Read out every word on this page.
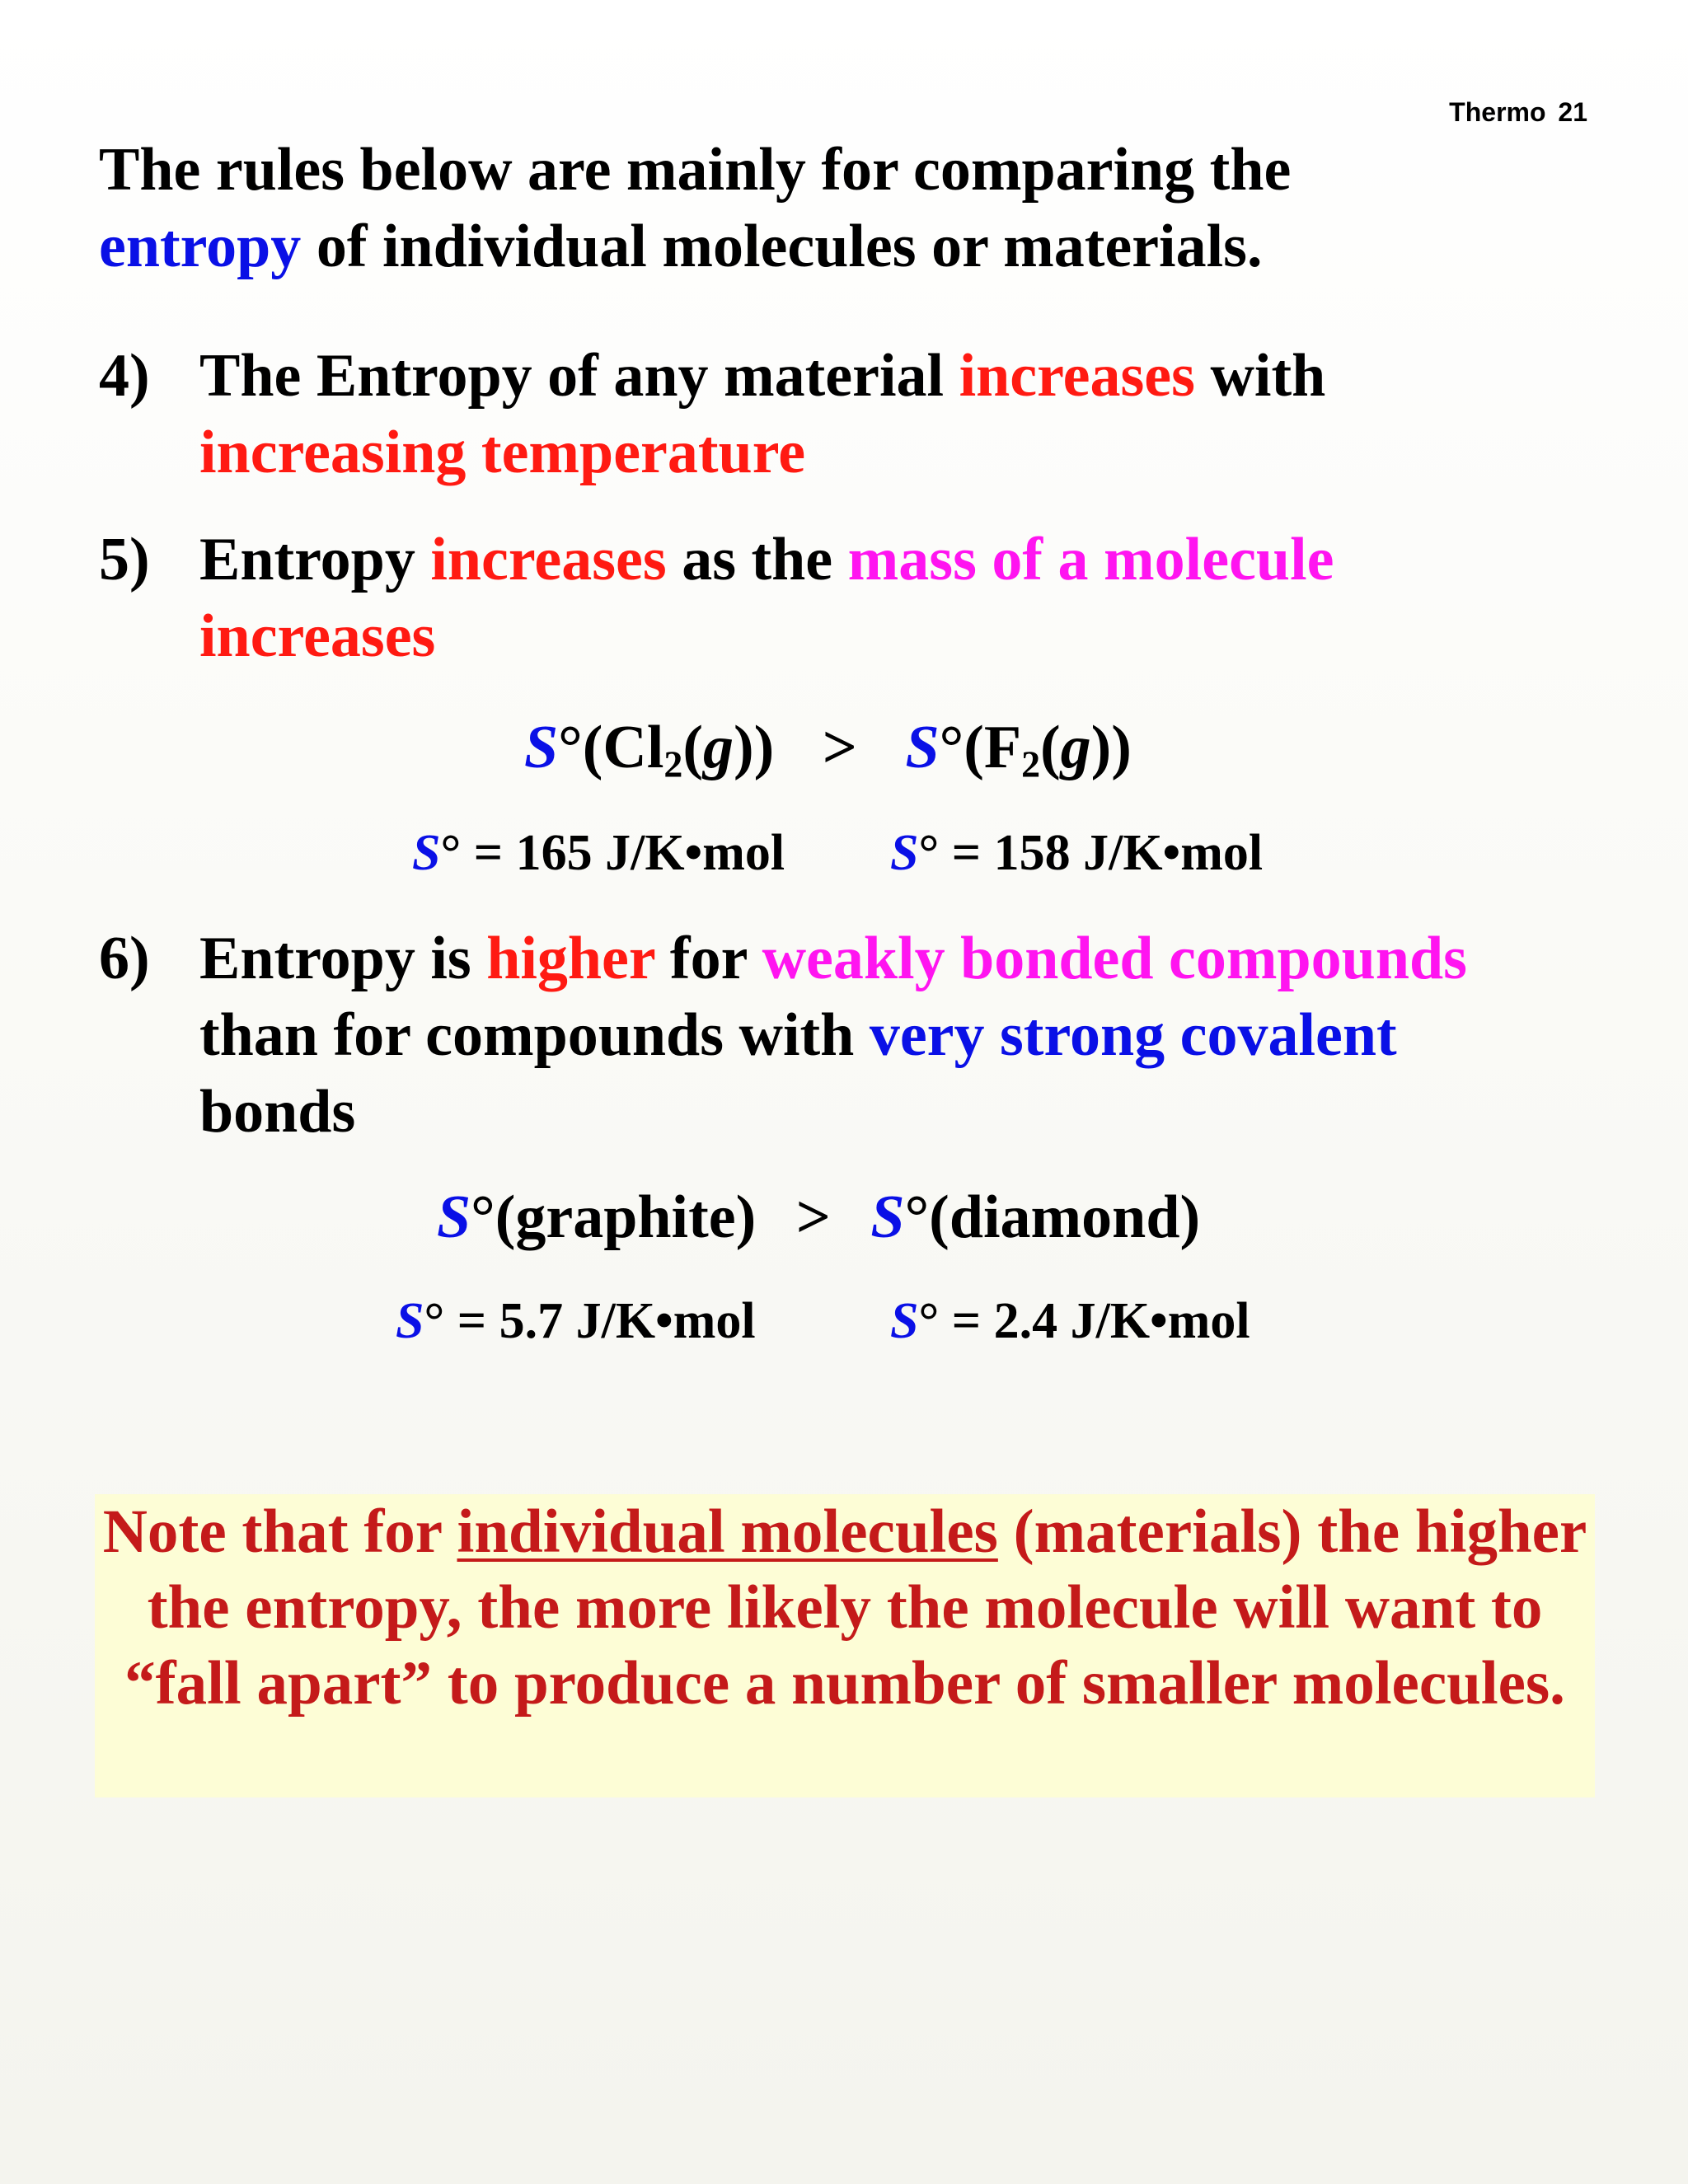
Thermo 21
The rules below are mainly for comparing the
entropy of individual molecules or materials.
4) The Entropy of any material increases with
increasing temperature
5) Entropy increases as the mass of a molecule
increases
$S^\circ(Cl_2(g)) > S^\circ(F_2(g))$
S° = 165 J/K•mol S° = 158 J/K•mol
6) Entropy is higher for weakly bonded compounds
than for compounds with very strong covalent
bonds
S°(graphite) > S°(diamond)
S° = 5.7 J/K•mol	S° = 2.4 J/K•mol
Note that for individual molecules (materials) the higher the entropy, the more likely the molecule will want to “fall apart” to produce a number of smaller molecules.
